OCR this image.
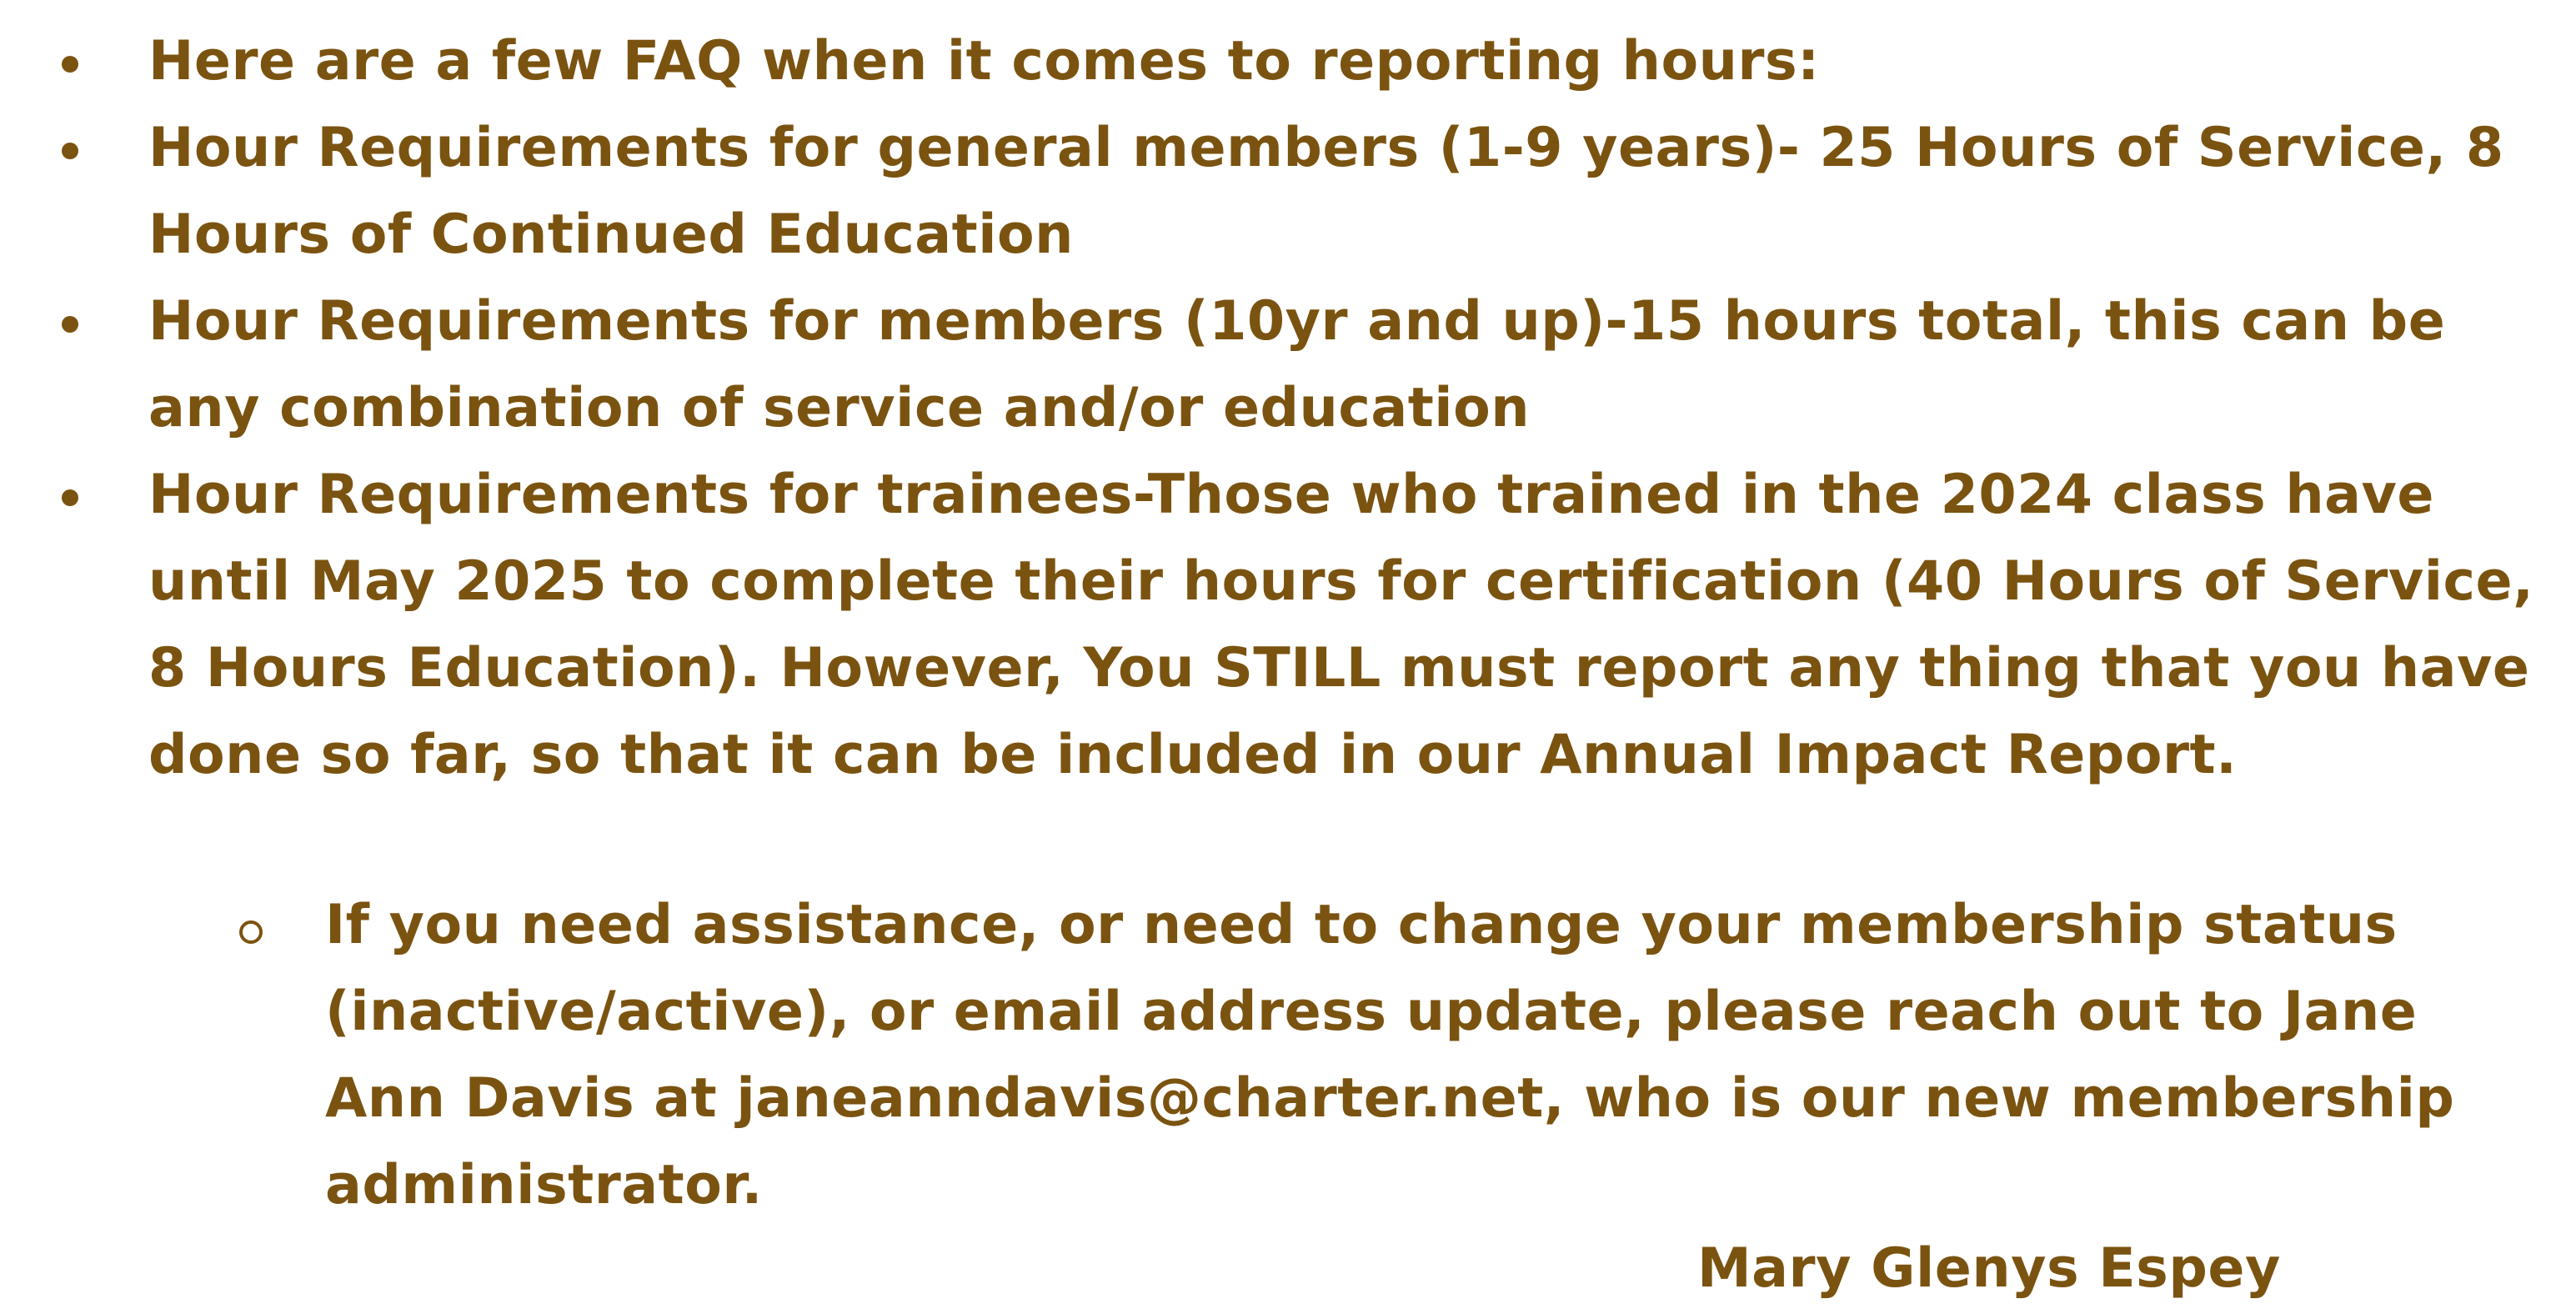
Here are a few FAQ when it comes to reporting hours:
Hour Requirements for general members (1-9 years)- 25 Hours of Service, 8 Hours of Continued Education
Hour Requirements for members (10yr and up)-15 hours total, this can be any combination of service and/or education
Hour Requirements for trainees-Those who trained in the 2024 class have until May 2025 to complete their hours for certification (40 Hours of Service, 8 Hours Education). However, You STILL must report any thing that you have done so far, so that it can be included in our Annual Impact Report.
If you need assistance, or need to change your membership status (inactive/active), or email address update, please reach out to Jane Ann Davis at janeanndavis@charter.net, who is our new membership administrator.
Mary Glenys Espey
